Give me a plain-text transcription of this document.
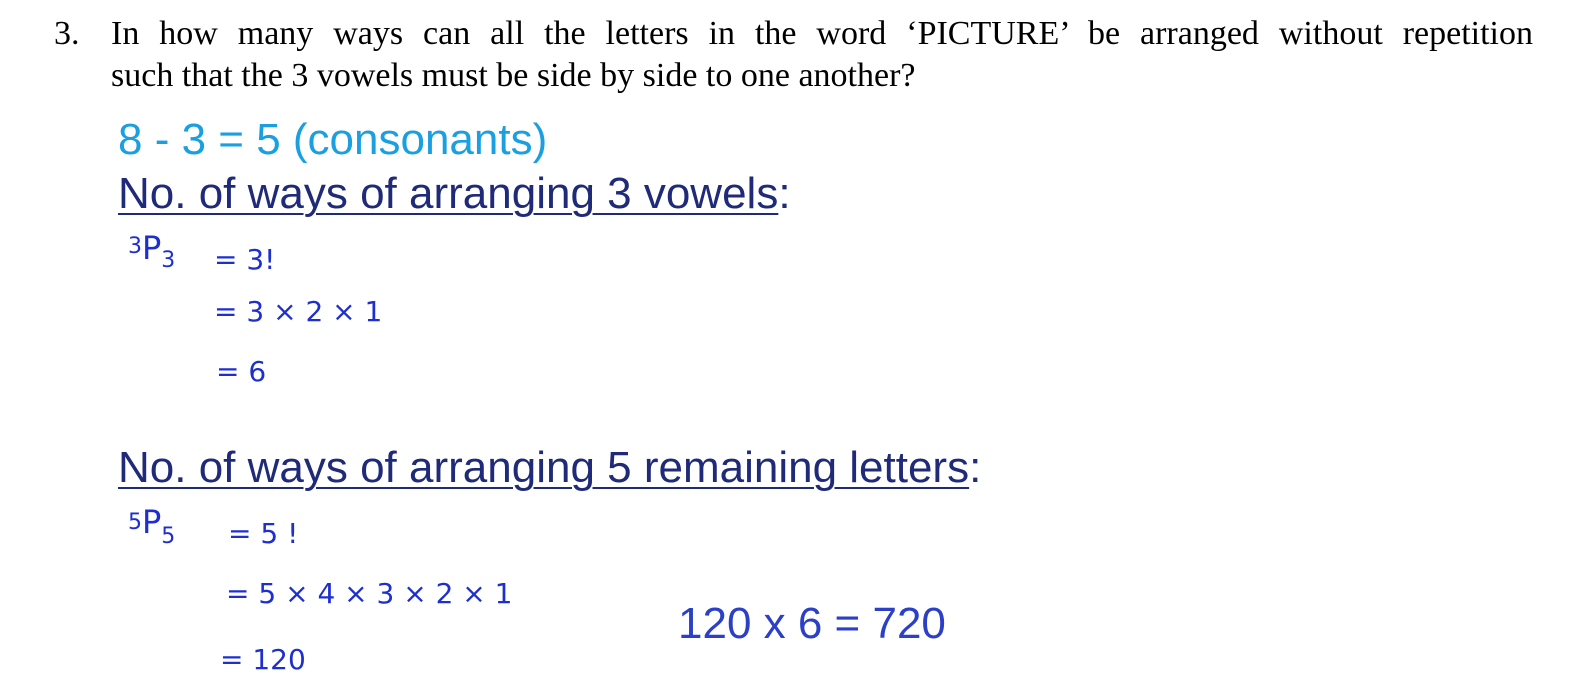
3. In how many ways can all the letters in the word ‘PICTURE’ be arranged without repetition
such that the 3 vowels must be side by side to one another?
8 - 3 = 5 (consonants)
No. of ways of arranging 3 vowels:
3P3 = 3!
= 3 × 2 × 1
= 6
No. of ways of arranging 5 remaining letters:
5P5 = 5 !
= 5 × 4 × 3 × 2 × 1
= 120
120 x 6 = 720
